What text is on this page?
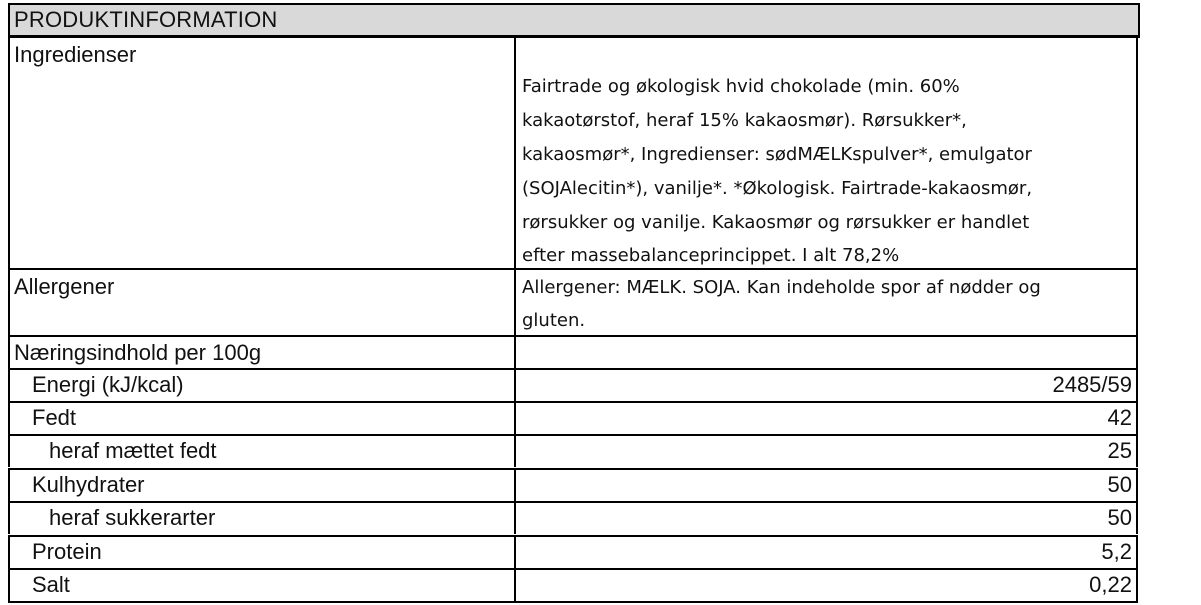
PRODUKTINFORMATION
Ingredienser
Fairtrade og økologisk hvid chokolade (min. 60%
kakaotørstof, heraf 15% kakaosmør). Rørsukker*,
kakaosmør*, Ingredienser: sødMÆLKspulver*, emulgator
(SOJAlecitin*), vanilje*. *Økologisk. Fairtrade-kakaosmør,
rørsukker og vanilje. Kakaosmør og rørsukker er handlet
efter massebalanceprincippet. I alt 78,2%
Allergener	Allergener: MÆLK. SOJA. Kan indeholde spor af nødder og
gluten.
Næringsindhold per 100g
Energi (kJ/kcal)	2485/59
Fedt	42
heraf mættet fedt	25
Kulhydrater	50
heraf sukkerarter	50
Protein	5,2
Salt	0,22
